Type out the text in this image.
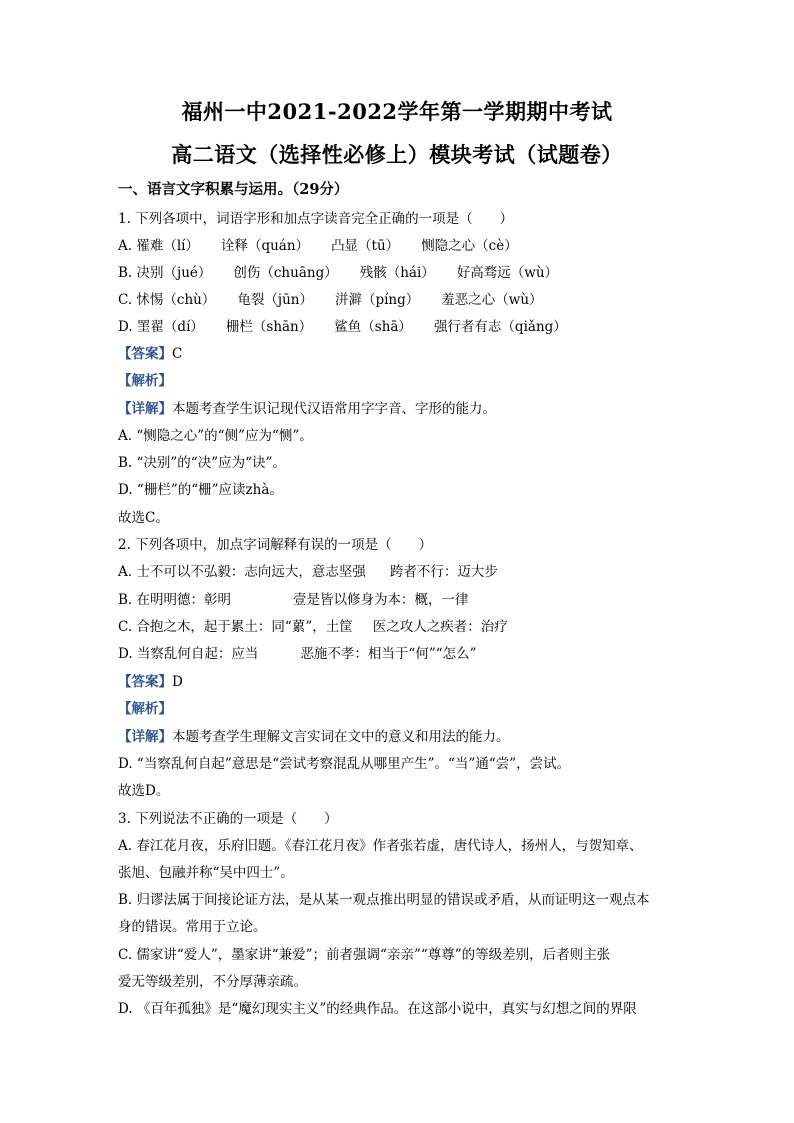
福州一中2021-2022学年第一学期期中考试
高二语文（选择性必修上）模块考试（试题卷）
一、语言文字积累与运用。（29分）
1. 下列各项中，词语字形和加点字读音完全正确的一项是（　　）
A. 罹难（lí） 诠释（quán） 凸显（tū） 恻隐之心（cè）
B. 决别（jué） 创伤（chuāng） 残骸（hái） 好高骛远（wù）
C. 怵惕（chù） 龟裂（jūn） 洴澼（píng） 羞恶之心（wù）
D. 罣翟（dí） 栅栏（shān） 鲨鱼（shā） 强行者有志（qiǎng）
【答案】C
【解析】
【详解】本题考查学生识记现代汉语常用字字音、字形的能力。
A. “恻隐之心”的“侧”应为“恻”。
B. “决别”的“决”应为“诀”。
D. “栅栏”的“栅”应读zhà。
故选C。
2. 下列各项中，加点字词解释有误的一项是（　　）
A. 士不可以不弘毅：志向远大，意志坚强 跨者不行：迈大步
B. 在明明德：彰明	壹是皆以修身为本：概，一律
C. 合抱之木，起于累土：同“蔂”，土筐 医之攻人之疾者：治疗
D. 当察乱何自起：应当	恶施不孝：相当于“何”“怎么”
【答案】D
【解析】
【详解】本题考查学生理解文言实词在文中的意义和用法的能力。
D. “当察乱何自起”意思是“尝试考察混乱从哪里产生”。“当”通“尝”，尝试。
故选D。
3. 下列说法不正确的一项是（　　）
A. 春江花月夜，乐府旧题。《春江花月夜》作者张若虚，唐代诗人，扬州人，与贺知章、
张旭、包融并称“吴中四士”。
B. 归谬法属于间接论证方法，是从某一观点推出明显的错误或矛盾，从而证明这一观点本
身的错误。常用于立论。
C. 儒家讲“爱人”，墨家讲“兼爱”；前者强调“亲亲”“尊尊”的等级差别，后者则主张
爱无等级差别，不分厚薄亲疏。
D. 《百年孤独》是“魔幻现实主义”的经典作品。在这部小说中，真实与幻想之间的界限
